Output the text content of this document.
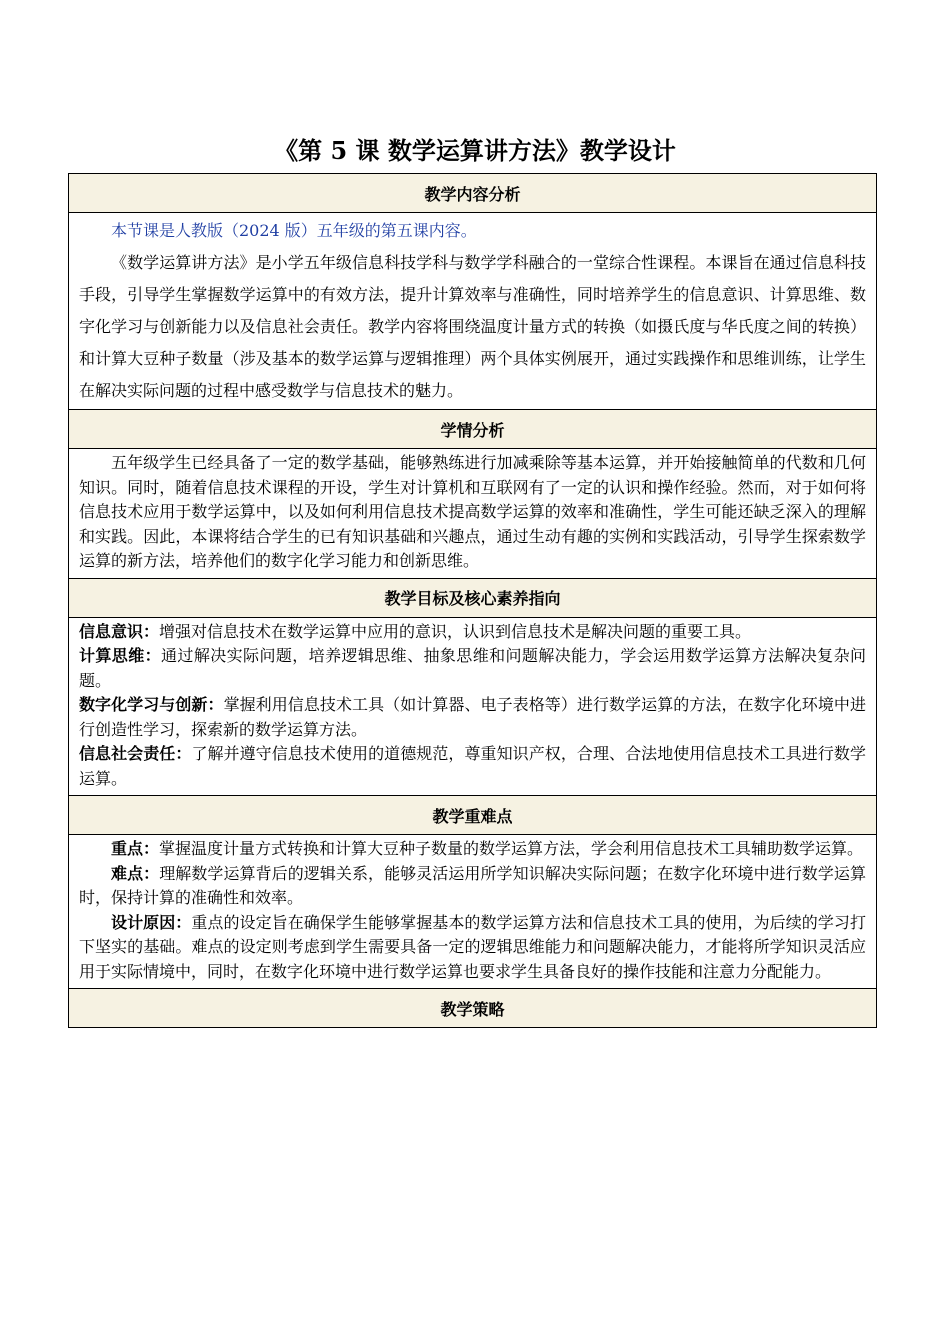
《第 5 课 数学运算讲方法》教学设计
教学内容分析

本节课是人教版（2024 版）五年级的第五课内容。

《数学运算讲方法》是小学五年级信息科技学科与数学学科融合的一堂综合性课程。本课旨在通过信息科技手段，引导学生掌握数学运算中的有效方法，提升计算效率与准确性，同时培养学生的信息意识、计算思维、数字化学习与创新能力以及信息社会责任。教学内容将围绕温度计量方式的转换（如摄氏度与华氏度之间的转换）和计算大豆种子数量（涉及基本的数学运算与逻辑推理）两个具体实例展开，通过实践操作和思维训练，让学生在解决实际问题的过程中感受数学与信息技术的魅力。

学情分析

五年级学生已经具备了一定的数学基础，能够熟练进行加减乘除等基本运算，并开始接触简单的代数和几何知识。同时，随着信息技术课程的开设，学生对计算机和互联网有了一定的认识和操作经验。然而，对于如何将信息技术应用于数学运算中，以及如何利用信息技术提高数学运算的效率和准确性，学生可能还缺乏深入的理解和实践。因此，本课将结合学生的已有知识基础和兴趣点，通过生动有趣的实例和实践活动，引导学生探索数学运算的新方法，培养他们的数字化学习能力和创新思维。

教学目标及核心素养指向

信息意识：增强对信息技术在数学运算中应用的意识，认识到信息技术是解决问题的重要工具。

计算思维：通过解决实际问题，培养逻辑思维、抽象思维和问题解决能力，学会运用数学运算方法解决复杂问题。

数字化学习与创新：掌握利用信息技术工具（如计算器、电子表格等）进行数学运算的方法，在数字化环境中进行创造性学习，探索新的数学运算方法。

信息社会责任：了解并遵守信息技术使用的道德规范，尊重知识产权，合理、合法地使用信息技术工具进行数学运算。

教学重难点

重点：掌握温度计量方式转换和计算大豆种子数量的数学运算方法，学会利用信息技术工具辅助数学运算。

难点：理解数学运算背后的逻辑关系，能够灵活运用所学知识解决实际问题；在数字化环境中进行数学运算时，保持计算的准确性和效率。

设计原因：重点的设定旨在确保学生能够掌握基本的数学运算方法和信息技术工具的使用，为后续的学习打下坚实的基础。难点的设定则考虑到学生需要具备一定的逻辑思维能力和问题解决能力，才能将所学知识灵活应用于实际情境中，同时，在数字化环境中进行数学运算也要求学生具备良好的操作技能和注意力分配能力。

教学策略
